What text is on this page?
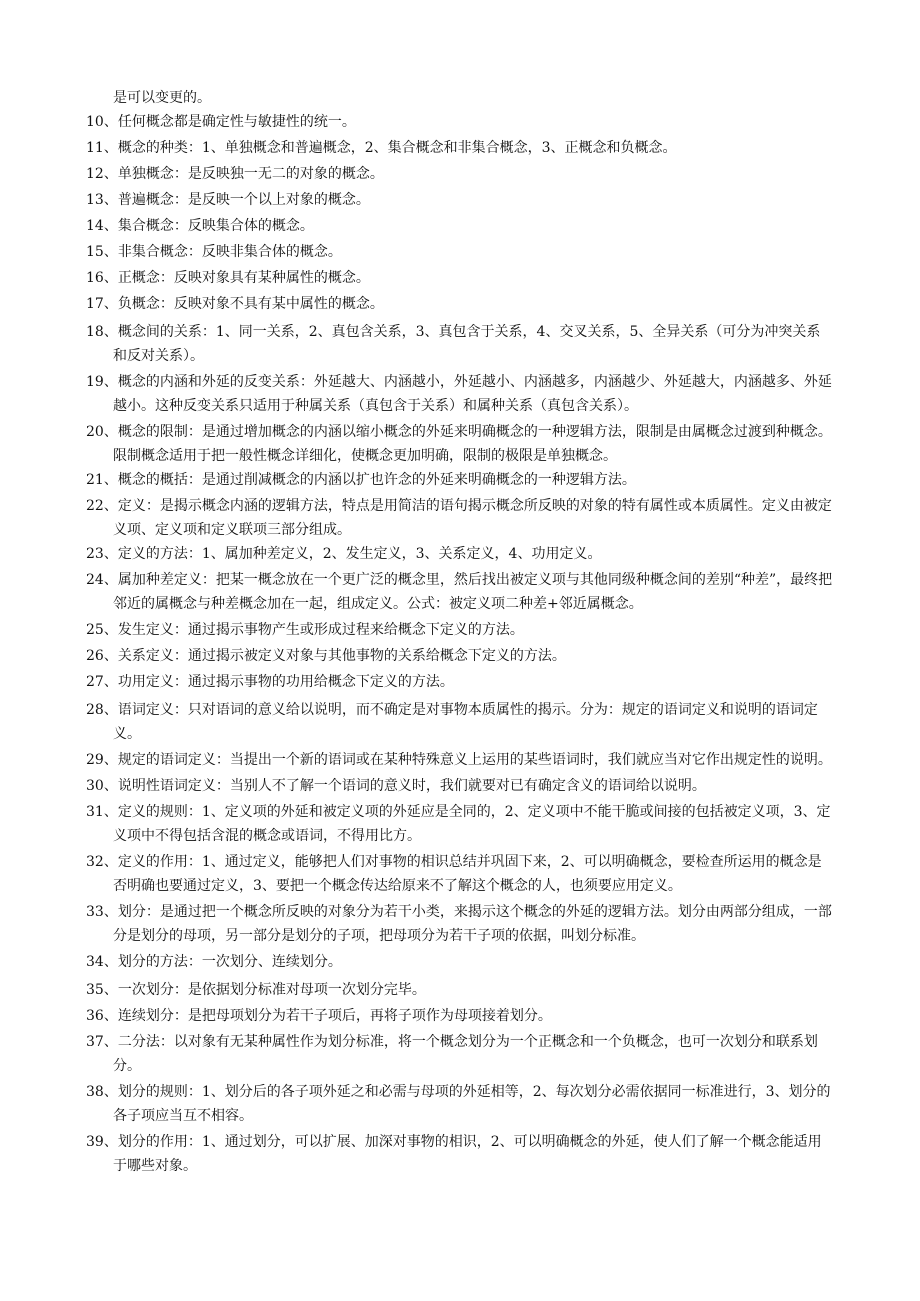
是可以变更的。
10、任何概念都是确定性与敏捷性的统一。
11、概念的种类：1、单独概念和普遍概念，2、集合概念和非集合概念，3、正概念和负概念。
12、单独概念：是反映独一无二的对象的概念。
13、普遍概念：是反映一个以上对象的概念。
14、集合概念：反映集合体的概念。
15、非集合概念：反映非集合体的概念。
16、正概念：反映对象具有某种属性的概念。
17、负概念：反映对象不具有某中属性的概念。
18、概念间的关系：1、同一关系，2、真包含关系，3、真包含于关系，4、交叉关系，5、全异关系（可分为冲突关系和反对关系）。
19、概念的内涵和外延的反变关系：外延越大、内涵越小，外延越小、内涵越多，内涵越少、外延越大，内涵越多、外延越小。这种反变关系只适用于种属关系（真包含于关系）和属种关系（真包含关系）。
20、概念的限制：是通过增加概念的内涵以缩小概念的外延来明确概念的一种逻辑方法，限制是由属概念过渡到种概念。限制概念适用于把一般性概念详细化，使概念更加明确，限制的极限是单独概念。
21、概念的概括：是通过削减概念的内涵以扩也许念的外延来明确概念的一种逻辑方法。
22、定义：是揭示概念内涵的逻辑方法，特点是用简洁的语句揭示概念所反映的对象的特有属性或本质属性。定义由被定义项、定义项和定义联项三部分组成。
23、定义的方法：1、属加种差定义，2、发生定义，3、关系定义，4、功用定义。
24、属加种差定义：把某一概念放在一个更广泛的概念里，然后找出被定义项与其他同级种概念间的差别“种差”，最终把邻近的属概念与种差概念加在一起，组成定义。公式：被定义项二种差+邻近属概念。
25、发生定义：通过揭示事物产生或形成过程来给概念下定义的方法。
26、关系定义：通过揭示被定义对象与其他事物的关系给概念下定义的方法。
27、功用定义：通过揭示事物的功用给概念下定义的方法。
28、语词定义：只对语词的意义给以说明，而不确定是对事物本质属性的揭示。分为：规定的语词定义和说明的语词定义。
29、规定的语词定义：当提出一个新的语词或在某种特殊意义上运用的某些语词时，我们就应当对它作出规定性的说明。
30、说明性语词定义：当别人不了解一个语词的意义时，我们就要对已有确定含义的语词给以说明。
31、定义的规则：1、定义项的外延和被定义项的外延应是全同的，2、定义项中不能干脆或间接的包括被定义项，3、定义项中不得包括含混的概念或语词，不得用比方。
32、定义的作用：1、通过定义，能够把人们对事物的相识总结并巩固下来，2、可以明确概念，要检查所运用的概念是否明确也要通过定义，3、要把一个概念传达给原来不了解这个概念的人，也须要应用定义。
33、划分：是通过把一个概念所反映的对象分为若干小类，来揭示这个概念的外延的逻辑方法。划分由两部分组成，一部分是划分的母项，另一部分是划分的子项，把母项分为若干子项的依据，叫划分标准。
34、划分的方法：一次划分、连续划分。
35、一次划分：是依据划分标准对母项一次划分完毕。
36、连续划分：是把母项划分为若干子项后，再将子项作为母项接着划分。
37、二分法：以对象有无某种属性作为划分标准，将一个概念划分为一个正概念和一个负概念，也可一次划分和联系划分。
38、划分的规则：1、划分后的各子项外延之和必需与母项的外延相等，2、每次划分必需依据同一标准进行，3、划分的各子项应当互不相容。
39、划分的作用：1、通过划分，可以扩展、加深对事物的相识，2、可以明确概念的外延，使人们了解一个概念能适用于哪些对象。
